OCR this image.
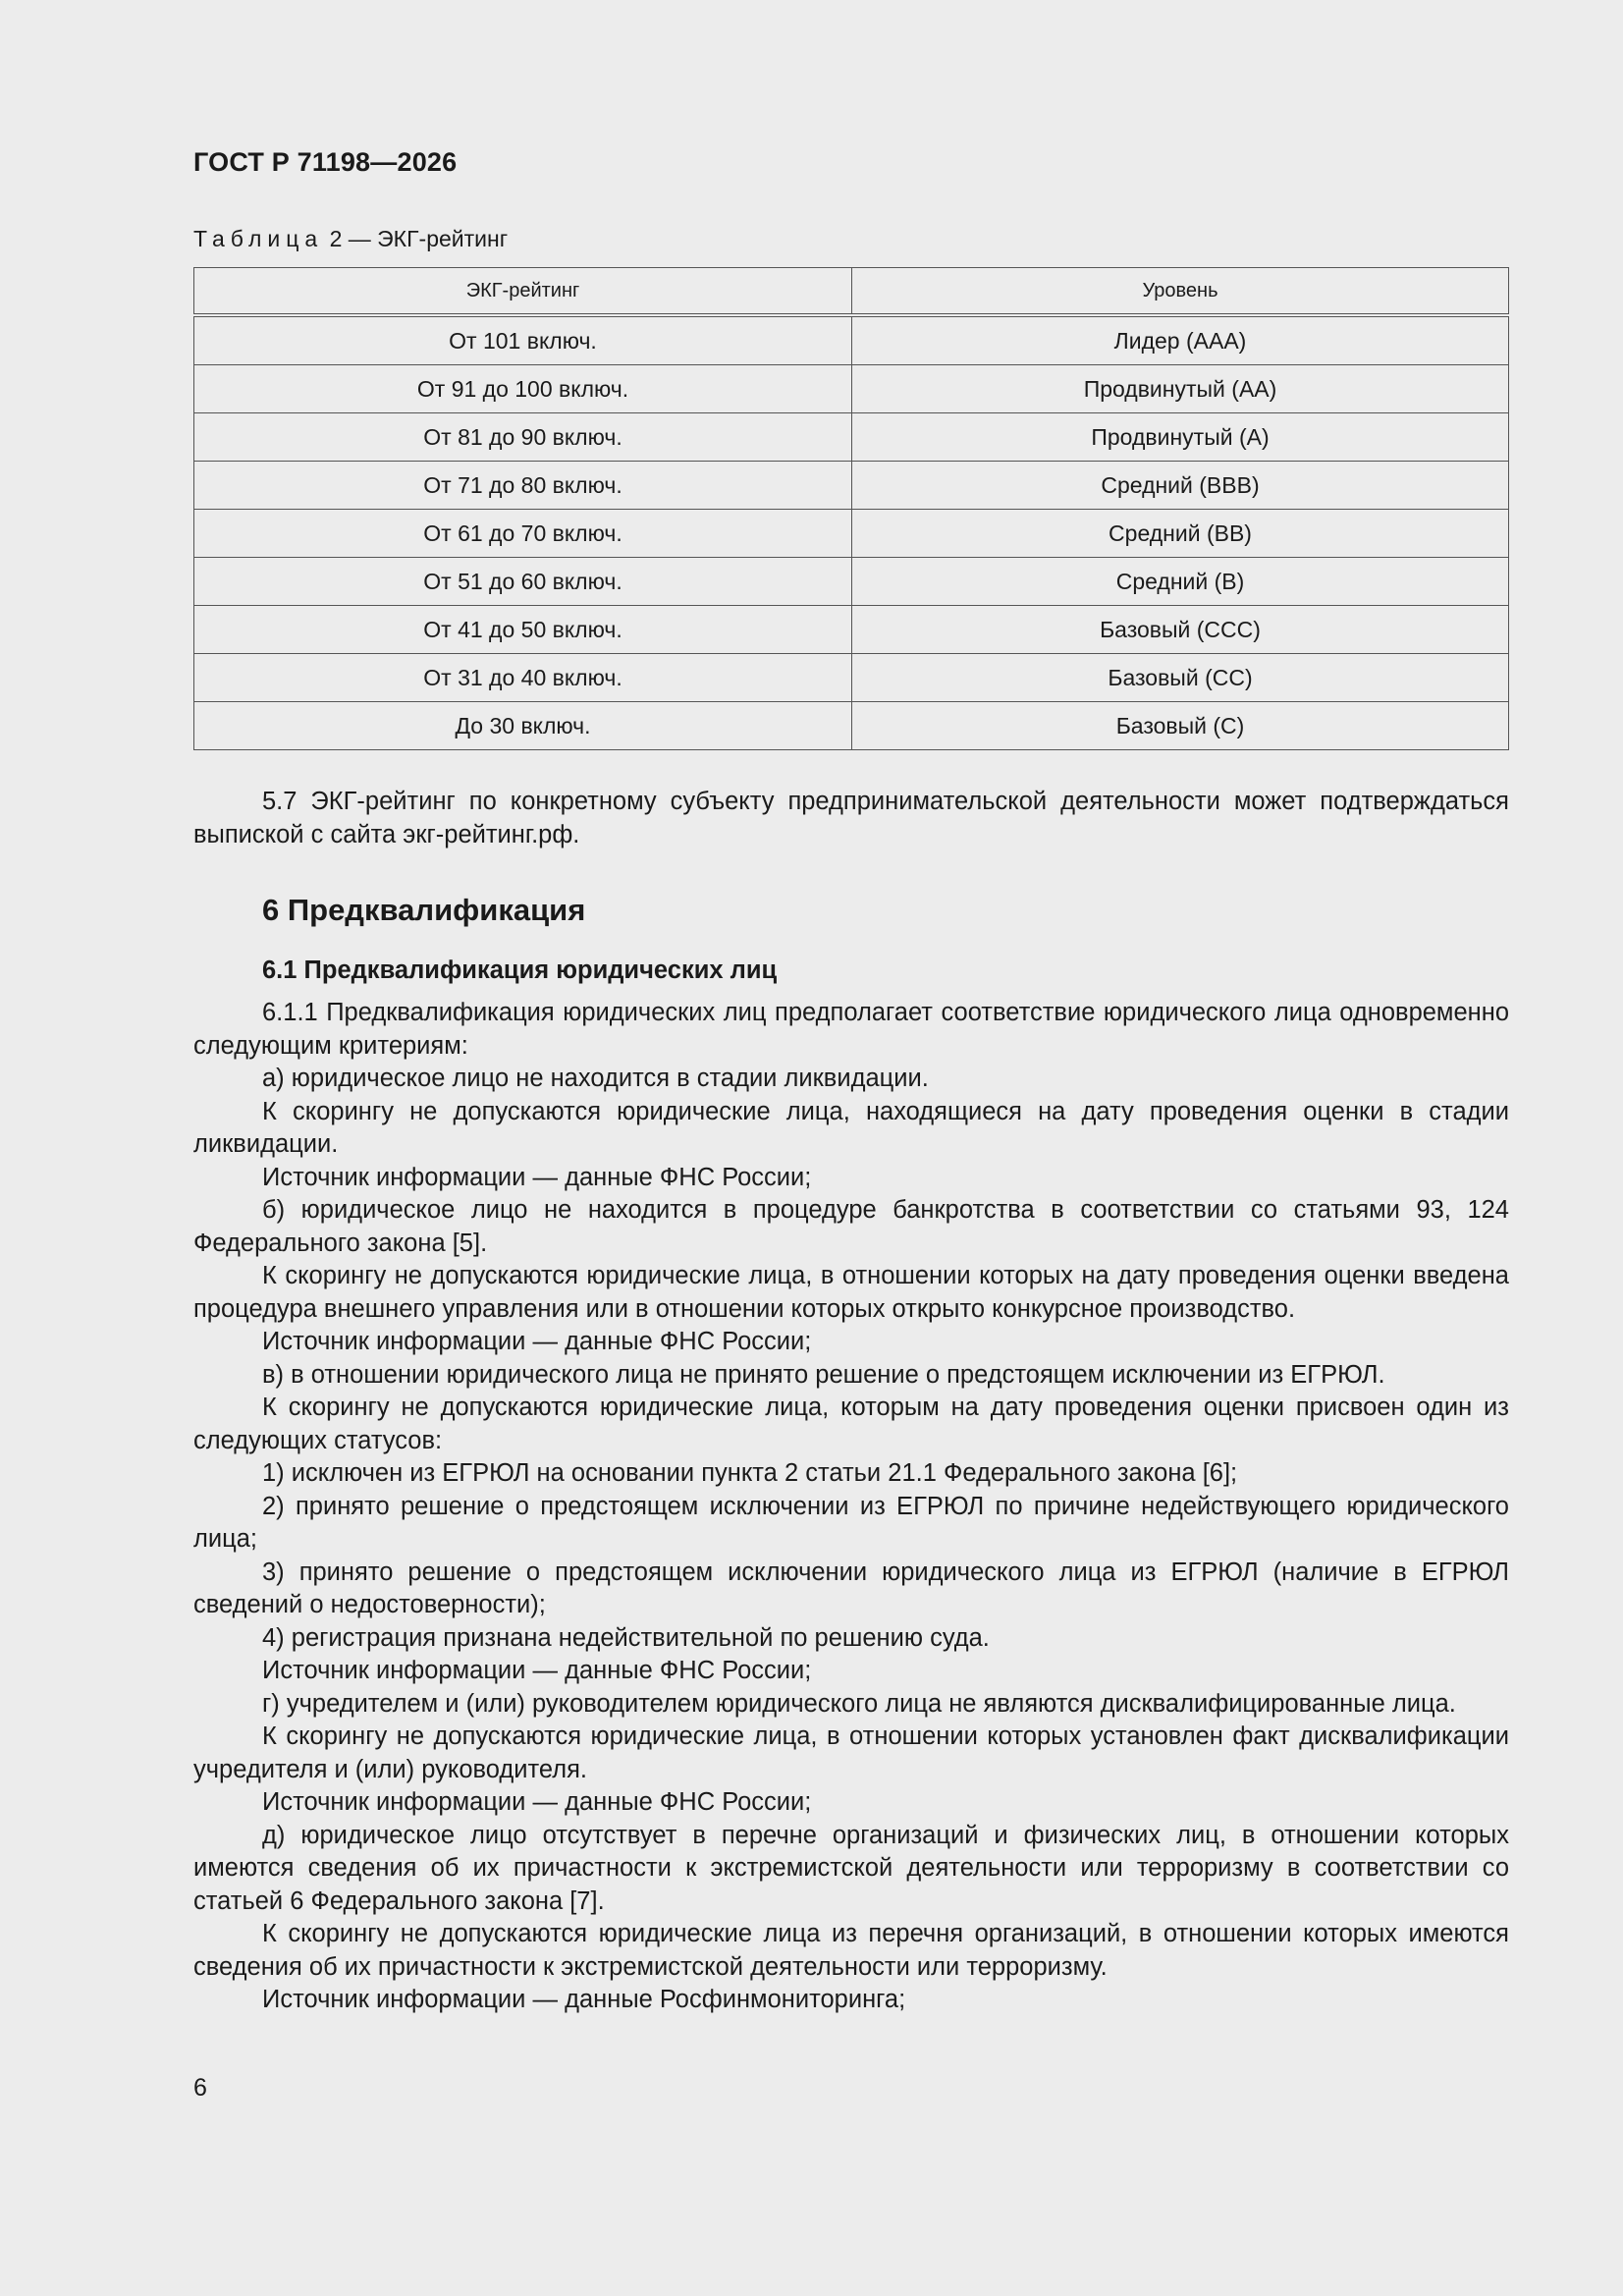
ГОСТ Р 71198—2026
Таблица 2 — ЭКГ-рейтинг
ЭКГ-рейтинг	Уровень
От 101 включ.	Лидер (ААА)
От 91 до 100 включ.	Продвинутый (АА)
От 81 до 90 включ.	Продвинутый (А)
От 71 до 80 включ.	Средний (ВВВ)
От 61 до 70 включ.	Средний (ВВ)
От 51 до 60 включ.	Средний (В)
От 41 до 50 включ.	Базовый (ССС)
От 31 до 40 включ.	Базовый (СС)
До 30 включ.	Базовый (С)

5.7 ЭКГ-рейтинг по конкретному субъекту предпринимательской деятельности может подтверждаться выпиской с сайта экг-рейтинг.рф.

6 Предквалификация

6.1 Предквалификация юридических лиц

6.1.1 Предквалификация юридических лиц предполагает соответствие юридического лица одновременно следующим критериям:

а) юридическое лицо не находится в стадии ликвидации.

К скорингу не допускаются юридические лица, находящиеся на дату проведения оценки в стадии ликвидации.

Источник информации — данные ФНС России;

б) юридическое лицо не находится в процедуре банкротства в соответствии со статьями 93, 124 Федерального закона [5].

К скорингу не допускаются юридические лица, в отношении которых на дату проведения оценки введена процедура внешнего управления или в отношении которых открыто конкурсное производство.

Источник информации — данные ФНС России;

в) в отношении юридического лица не принято решение о предстоящем исключении из ЕГРЮЛ.

К скорингу не допускаются юридические лица, которым на дату проведения оценки присвоен один из следующих статусов:

1) исключен из ЕГРЮЛ на основании пункта 2 статьи 21.1 Федерального закона [6];

2) принято решение о предстоящем исключении из ЕГРЮЛ по причине недействующего юридического лица;

3) принято решение о предстоящем исключении юридического лица из ЕГРЮЛ (наличие в ЕГРЮЛ сведений о недостоверности);

4) регистрация признана недействительной по решению суда.

Источник информации — данные ФНС России;

г) учредителем и (или) руководителем юридического лица не являются дисквалифицированные лица.

К скорингу не допускаются юридические лица, в отношении которых установлен факт дисквалификации учредителя и (или) руководителя.

Источник информации — данные ФНС России;

д) юридическое лицо отсутствует в перечне организаций и физических лиц, в отношении которых имеются сведения об их причастности к экстремистской деятельности или терроризму в соответствии со статьей 6 Федерального закона [7].

К скорингу не допускаются юридические лица из перечня организаций, в отношении которых имеются сведения об их причастности к экстремистской деятельности или терроризму.

Источник информации — данные Росфинмониторинга;

6
